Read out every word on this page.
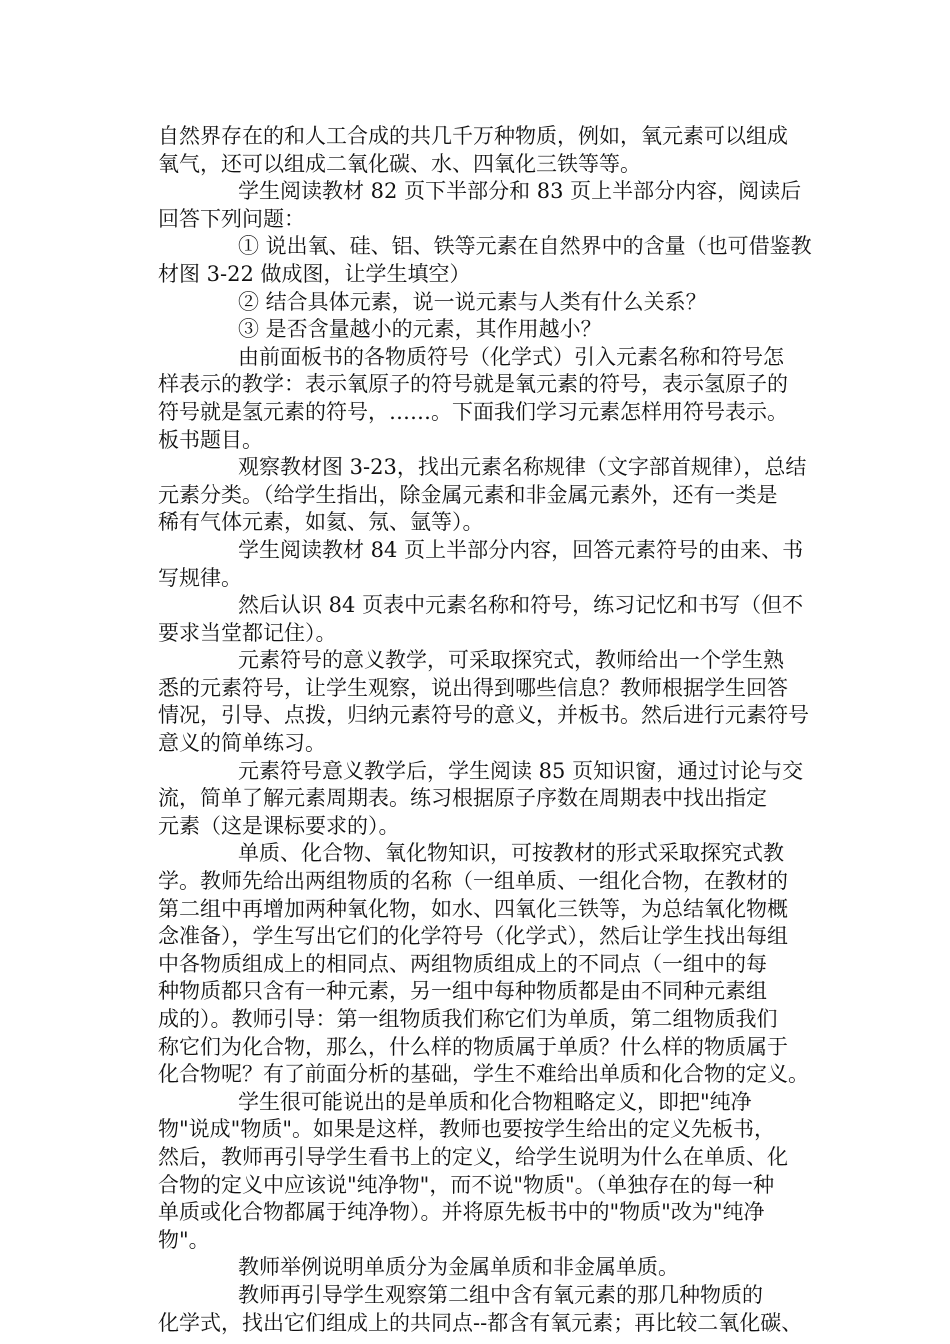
自然界存在的和人工合成的共几千万种物质，例如，氧元素可以组成
氧气，还可以组成二氧化碳、水、四氧化三铁等等。
学生阅读教材 82 页下半部分和 83 页上半部分内容，阅读后
回答下列问题：
① 说出氧、硅、铝、铁等元素在自然界中的含量（也可借鉴教
材图 3-22 做成图，让学生填空）
② 结合具体元素，说一说元素与人类有什么关系？
③ 是否含量越小的元素，其作用越小？
由前面板书的各物质符号（化学式）引入元素名称和符号怎
样表示的教学：表示氧原子的符号就是氧元素的符号，表示氢原子的
符号就是氢元素的符号，……。下面我们学习元素怎样用符号表示。
板书题目。
观察教材图 3-23，找出元素名称规律（文字部首规律），总结
元素分类。（给学生指出，除金属元素和非金属元素外，还有一类是
稀有气体元素，如氦、氖、氩等）。
学生阅读教材 84 页上半部分内容，回答元素符号的由来、书
写规律。
然后认识 84 页表中元素名称和符号，练习记忆和书写（但不
要求当堂都记住）。
元素符号的意义教学，可采取探究式，教师给出一个学生熟
悉的元素符号，让学生观察，说出得到哪些信息？教师根据学生回答
情况，引导、点拨，归纳元素符号的意义，并板书。然后进行元素符号
意义的简单练习。
元素符号意义教学后，学生阅读 85 页知识窗，通过讨论与交
流，简单了解元素周期表。练习根据原子序数在周期表中找出指定
元素（这是课标要求的）。
单质、化合物、氧化物知识，可按教材的形式采取探究式教
学。教师先给出两组物质的名称（一组单质、一组化合物，在教材的
第二组中再增加两种氧化物，如水、四氧化三铁等，为总结氧化物概
念准备），学生写出它们的化学符号（化学式），然后让学生找出每组
中各物质组成上的相同点、两组物质组成上的不同点（一组中的每
种物质都只含有一种元素，另一组中每种物质都是由不同种元素组
成的）。教师引导：第一组物质我们称它们为单质，第二组物质我们
称它们为化合物，那么，什么样的物质属于单质？什么样的物质属于
化合物呢？有了前面分析的基础，学生不难给出单质和化合物的定义。
学生很可能说出的是单质和化合物粗略定义，即把"纯净
物"说成"物质"。如果是这样，教师也要按学生给出的定义先板书，
然后，教师再引导学生看书上的定义，给学生说明为什么在单质、化
合物的定义中应该说"纯净物"，而不说"物质"。（单独存在的每一种
单质或化合物都属于纯净物）。并将原先板书中的"物质"改为"纯净
物"。
教师举例说明单质分为金属单质和非金属单质。
教师再引导学生观察第二组中含有氧元素的那几种物质的
化学式，找出它们组成上的共同点--都含有氧元素；再比较二氧化碳、
